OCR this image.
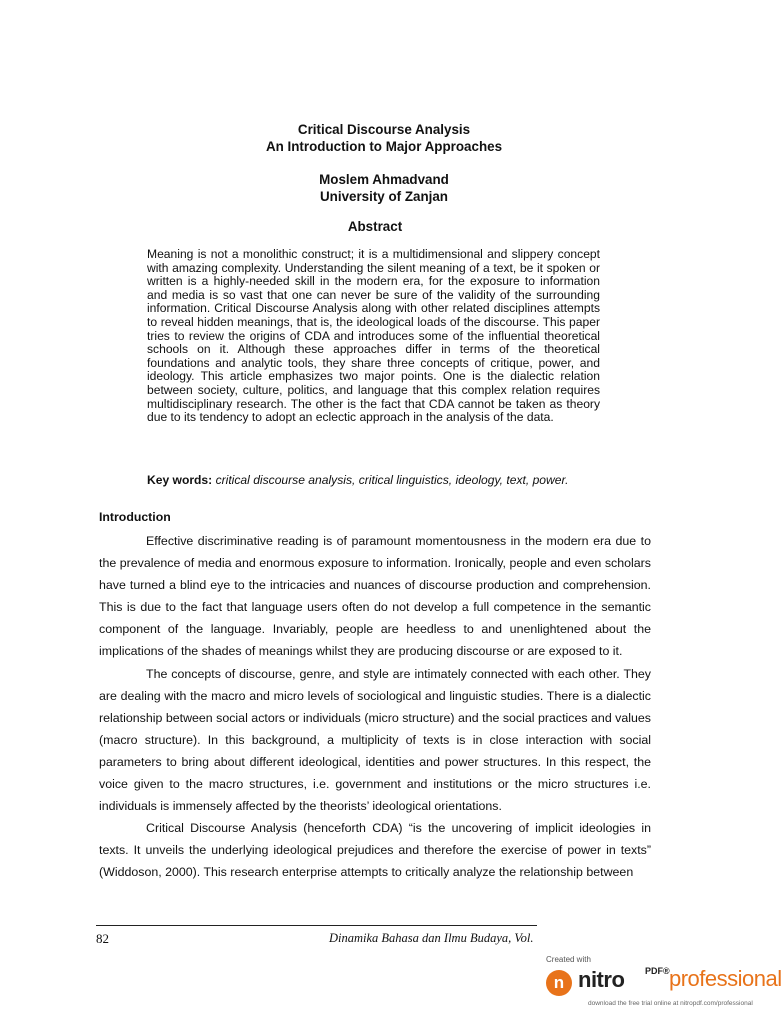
Critical Discourse Analysis
An Introduction to Major Approaches
Moslem Ahmadvand
University of Zanjan
Abstract
Meaning is not a monolithic construct; it is a multidimensional and slippery concept with amazing complexity. Understanding the silent meaning of a text, be it spoken or written is a highly-needed skill in the modern era, for the exposure to information and media is so vast that one can never be sure of the validity of the surrounding information. Critical Discourse Analysis along with other related disciplines attempts to reveal hidden meanings, that is, the ideological loads of the discourse. This paper tries to review the origins of CDA and introduces some of the influential theoretical schools on it. Although these approaches differ in terms of the theoretical foundations and analytic tools, they share three concepts of critique, power, and ideology. This article emphasizes two major points. One is the dialectic relation between society, culture, politics, and language that this complex relation requires multidisciplinary research. The other is the fact that CDA cannot be taken as theory due to its tendency to adopt an eclectic approach in the analysis of the data.
Key words: critical discourse analysis, critical linguistics, ideology, text, power.
Introduction

Effective discriminative reading is of paramount momentousness in the modern era due to the prevalence of media and enormous exposure to information. Ironically, people and even scholars have turned a blind eye to the intricacies and nuances of discourse production and comprehension. This is due to the fact that language users often do not develop a full competence in the semantic component of the language. Invariably, people are heedless to and unenlightened about the implications of the shades of meanings whilst they are producing discourse or are exposed to it.

The concepts of discourse, genre, and style are intimately connected with each other. They are dealing with the macro and micro levels of sociological and linguistic studies. There is a dialectic relationship between social actors or individuals (micro structure) and the social practices and values (macro structure). In this background, a multiplicity of texts is in close interaction with social parameters to bring about different ideological, identities and power structures. In this respect, the voice given to the macro structures, i.e. government and institutions or the micro structures i.e. individuals is immensely affected by the theorists’ ideological orientations.

Critical Discourse Analysis (henceforth CDA) “is the uncovering of implicit ideologies in texts. It unveils the underlying ideological prejudices and therefore the exercise of power in texts” (Widdoson, 2000). This research enterprise attempts to critically analyze the relationship between

82	Dinamika Bahasa dan Ilmu Budaya, Vol.
Created with
n nitro PDF® professional
download the free trial online at nitropdf.com/professional
